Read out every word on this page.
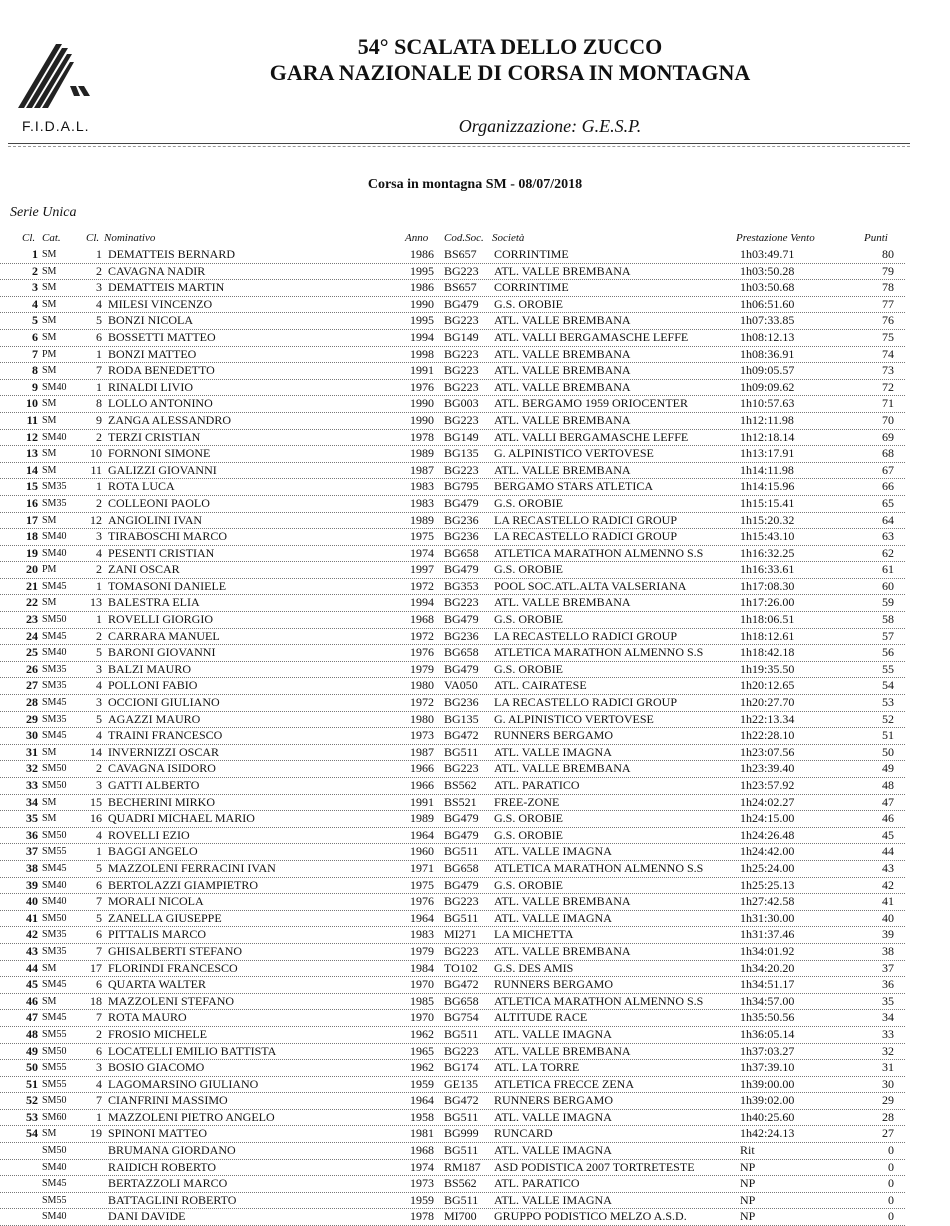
F.I.D.A.L.
54° SCALATA DELLO ZUCCO
GARA NAZIONALE DI CORSA IN MONTAGNA
Organizzazione: G.E.S.P.
Corsa in montagna SM - 08/07/2018
Serie Unica
Cl. Cat. Cl. Nominativo	Anno Cod.Soc. Società	Prestazione Vento	Punti
1 SM	1 DEMATTEIS BERNARD	1986 BS657 CORRINTIME	1h03:49.71	80
2 SM	2 CAVAGNA NADIR	1995 BG223 ATL. VALLE BREMBANA	1h03:50.28	79
3 SM	3 DEMATTEIS MARTIN	1986 BS657 CORRINTIME	1h03:50.68	78
4 SM	4 MILESI VINCENZO	1990 BG479 G.S. OROBIE	1h06:51.60	77
5 SM	5 BONZI NICOLA	1995 BG223 ATL. VALLE BREMBANA	1h07:33.85	76
6 SM	6 BOSSETTI MATTEO	1994 BG149 ATL. VALLI BERGAMASCHE LEFFE	1h08:12.13	75
7 PM	1 BONZI MATTEO	1998 BG223 ATL. VALLE BREMBANA	1h08:36.91	74
8 SM	7 RODA BENEDETTO	1991 BG223 ATL. VALLE BREMBANA	1h09:05.57	73
9 SM40	1 RINALDI LIVIO	1976 BG223 ATL. VALLE BREMBANA	1h09:09.62	72
10 SM	8 LOLLO ANTONINO	1990 BG003 ATL. BERGAMO 1959 ORIOCENTER	1h10:57.63	71
11 SM	9 ZANGA ALESSANDRO	1990 BG223 ATL. VALLE BREMBANA	1h12:11.98	70
12 SM40	2 TERZI CRISTIAN	1978 BG149 ATL. VALLI BERGAMASCHE LEFFE	1h12:18.14	69
13 SM	10 FORNONI SIMONE	1989 BG135 G. ALPINISTICO VERTOVESE	1h13:17.91	68
14 SM	11 GALIZZI GIOVANNI	1987 BG223 ATL. VALLE BREMBANA	1h14:11.98	67
15 SM35	1 ROTA LUCA	1983 BG795 BERGAMO STARS ATLETICA	1h14:15.96	66
16 SM35	2 COLLEONI PAOLO	1983 BG479 G.S. OROBIE	1h15:15.41	65
17 SM	12 ANGIOLINI IVAN	1989 BG236 LA RECASTELLO RADICI GROUP	1h15:20.32	64
18 SM40	3 TIRABOSCHI MARCO	1975 BG236 LA RECASTELLO RADICI GROUP	1h15:43.10	63
19 SM40	4 PESENTI CRISTIAN	1974 BG658 ATLETICA MARATHON ALMENNO S.S	1h16:32.25	62
20 PM	2 ZANI OSCAR	1997 BG479 G.S. OROBIE	1h16:33.61	61
21 SM45	1 TOMASONI DANIELE	1972 BG353 POOL SOC.ATL.ALTA VALSERIANA	1h17:08.30	60
22 SM	13 BALESTRA ELIA	1994 BG223 ATL. VALLE BREMBANA	1h17:26.00	59
23 SM50	1 ROVELLI GIORGIO	1968 BG479 G.S. OROBIE	1h18:06.51	58
24 SM45	2 CARRARA MANUEL	1972 BG236 LA RECASTELLO RADICI GROUP	1h18:12.61	57
25 SM40	5 BARONI GIOVANNI	1976 BG658 ATLETICA MARATHON ALMENNO S.S	1h18:42.18	56
26 SM35	3 BALZI MAURO	1979 BG479 G.S. OROBIE	1h19:35.50	55
27 SM35	4 POLLONI FABIO	1980 VA050 ATL. CAIRATESE	1h20:12.65	54
28 SM45	3 OCCIONI GIULIANO	1972 BG236 LA RECASTELLO RADICI GROUP	1h20:27.70	53
29 SM35	5 AGAZZI MAURO	1980 BG135 G. ALPINISTICO VERTOVESE	1h22:13.34	52
30 SM45	4 TRAINI FRANCESCO	1973 BG472 RUNNERS BERGAMO	1h22:28.10	51
31 SM	14 INVERNIZZI OSCAR	1987 BG511 ATL. VALLE IMAGNA	1h23:07.56	50
32 SM50	2 CAVAGNA ISIDORO	1966 BG223 ATL. VALLE BREMBANA	1h23:39.40	49
33 SM50	3 GATTI ALBERTO	1966 BS562 ATL. PARATICO	1h23:57.92	48
34 SM	15 BECHERINI MIRKO	1991 BS521 FREE-ZONE	1h24:02.27	47
35 SM	16 QUADRI MICHAEL MARIO	1989 BG479 G.S. OROBIE	1h24:15.00	46
36 SM50	4 ROVELLI EZIO	1964 BG479 G.S. OROBIE	1h24:26.48	45
37 SM55	1 BAGGI ANGELO	1960 BG511 ATL. VALLE IMAGNA	1h24:42.00	44
38 SM45	5 MAZZOLENI FERRACINI IVAN	1971 BG658 ATLETICA MARATHON ALMENNO S.S	1h25:24.00	43
39 SM40	6 BERTOLAZZI GIAMPIETRO	1975 BG479 G.S. OROBIE	1h25:25.13	42
40 SM40	7 MORALI NICOLA	1976 BG223 ATL. VALLE BREMBANA	1h27:42.58	41
41 SM50	5 ZANELLA GIUSEPPE	1964 BG511 ATL. VALLE IMAGNA	1h31:30.00	40
42 SM35	6 PITTALIS MARCO	1983 MI271 LA MICHETTA	1h31:37.46	39
43 SM35	7 GHISALBERTI STEFANO	1979 BG223 ATL. VALLE BREMBANA	1h34:01.92	38
44 SM	17 FLORINDI FRANCESCO	1984 TO102 G.S. DES AMIS	1h34:20.20	37
45 SM45	6 QUARTA WALTER	1970 BG472 RUNNERS BERGAMO	1h34:51.17	36
46 SM	18 MAZZOLENI STEFANO	1985 BG658 ATLETICA MARATHON ALMENNO S.S	1h34:57.00	35
47 SM45	7 ROTA MAURO	1970 BG754 ALTITUDE RACE	1h35:50.56	34
48 SM55	2 FROSIO MICHELE	1962 BG511 ATL. VALLE IMAGNA	1h36:05.14	33
49 SM50	6 LOCATELLI EMILIO BATTISTA	1965 BG223 ATL. VALLE BREMBANA	1h37:03.27	32
50 SM55	3 BOSIO GIACOMO	1962 BG174 ATL. LA TORRE	1h37:39.10	31
51 SM55	4 LAGOMARSINO GIULIANO	1959 GE135 ATLETICA FRECCE ZENA	1h39:00.00	30
52 SM50	7 CIANFRINI MASSIMO	1964 BG472 RUNNERS BERGAMO	1h39:02.00	29
53 SM60	1 MAZZOLENI PIETRO ANGELO	1958 BG511 ATL. VALLE IMAGNA	1h40:25.60	28
54 SM	19 SPINONI MATTEO	1981 BG999 RUNCARD	1h42:24.13	27
SM50	BRUMANA GIORDANO	1968 BG511 ATL. VALLE IMAGNA	Rit	0
SM40	RAIDICH ROBERTO	1974 RM187 ASD PODISTICA 2007 TORTRETESTE	NP	0
SM45	BERTAZZOLI MARCO	1973 BS562 ATL. PARATICO	NP	0
SM55	BATTAGLINI ROBERTO	1959 BG511 ATL. VALLE IMAGNA	NP	0
SM40	DANI DAVIDE	1978 MI700 GRUPPO PODISTICO MELZO A.S.D.	NP	0
